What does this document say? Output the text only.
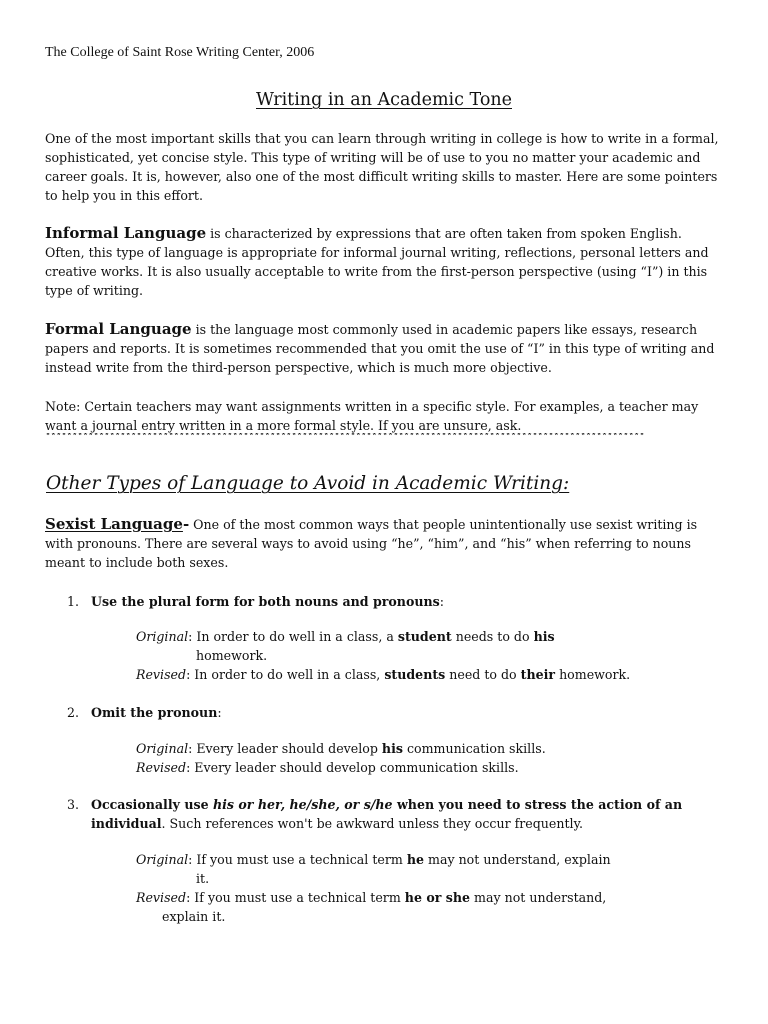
The College of Saint Rose Writing Center, 2006
Writing in an Academic Tone

One of the most important skills that you can learn through writing in college is how to write in a formal, sophisticated, yet concise style. This type of writing will be of use to you no matter your academic and career goals. It is, however, also one of the most difficult writing skills to master. Here are some pointers to help you in this effort.

Informal Language is characterized by expressions that are often taken from spoken English. Often, this type of language is appropriate for informal journal writing, reflections, personal letters and creative works. It is also usually acceptable to write from the first-person perspective (using “I”) in this type of writing.

Formal Language is the language most commonly used in academic papers like essays, research papers and reports. It is sometimes recommended that you omit the use of “I” in this type of writing and instead write from the third-person perspective, which is much more objective.

Note: Certain teachers may want assignments written in a specific style. For examples, a teacher may want a journal entry written in a more formal style. If you are unsure, ask.

****************************************************************************************************************
Other Types of Language to Avoid in Academic Writing:

Sexist Language- One of the most common ways that people unintentionally use sexist writing is with pronouns. There are several ways to avoid using “he”, “him”, and “his” when referring to nouns meant to include both sexes.

1. Use the plural form for both nouns and pronouns:
Original: In order to do well in a class, a student needs to do his
homework.
Revised: In order to do well in a class, students need to do their homework.
2. Omit the pronoun:
Original: Every leader should develop his communication skills.
Revised: Every leader should develop communication skills.
3. Occasionally use his or her, he/she, or s/he when you need to stress the action of an individual. Such references won't be awkward unless they occur frequently.
Original: If you must use a technical term he may not understand, explain
it.
Revised: If you must use a technical term he or she may not understand,
explain it.
